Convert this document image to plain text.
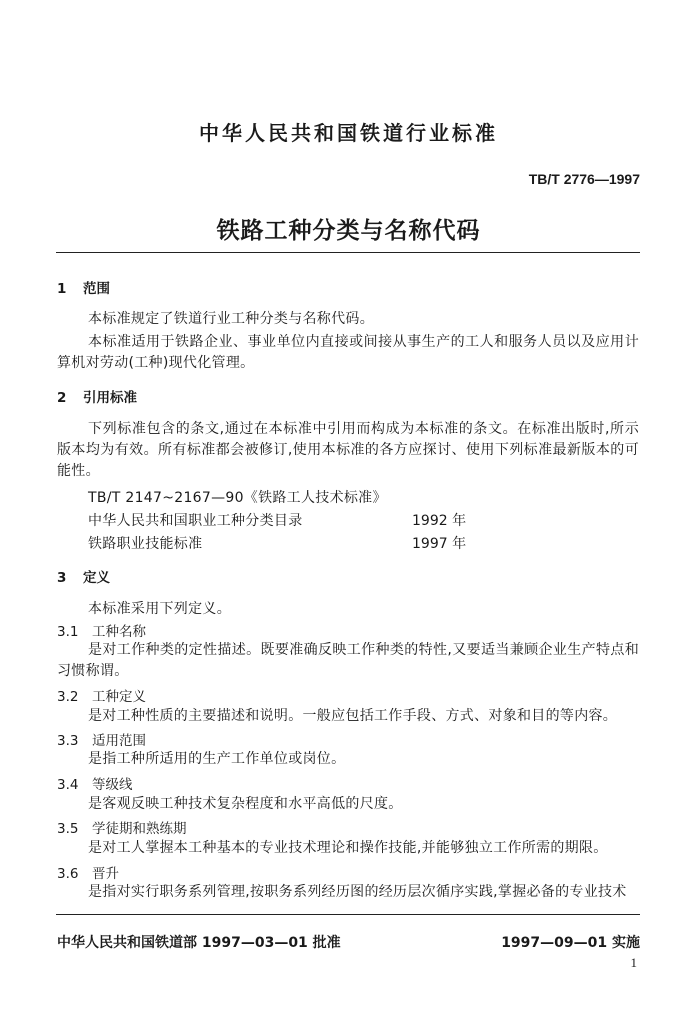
中华人民共和国铁道行业标准
TB/T 2776—1997
铁路工种分类与名称代码
1 范围
本标准规定了铁道行业工种分类与名称代码。
本标准适用于铁路企业、事业单位内直接或间接从事生产的工人和服务人员以及应用计算机对劳动(工种)现代化管理。
2 引用标准
下列标准包含的条文,通过在本标准中引用而构成为本标准的条文。在标准出版时,所示版本均为有效。所有标准都会被修订,使用本标准的各方应探讨、使用下列标准最新版本的可能性。
TB/T 2147~2167—90《铁路工人技术标准》
中华人民共和国职业工种分类目录	1992 年
铁路职业技能标准	1997 年
3 定义
本标准采用下列定义。
3.1 工种名称
是对工作种类的定性描述。既要准确反映工作种类的特性,又要适当兼顾企业生产特点和习惯称谓。
3.2 工种定义
是对工种性质的主要描述和说明。一般应包括工作手段、方式、对象和目的等内容。
3.3 适用范围
是指工种所适用的生产工作单位或岗位。
3.4 等级线
是客观反映工种技术复杂程度和水平高低的尺度。
3.5 学徒期和熟练期
是对工人掌握本工种基本的专业技术理论和操作技能,并能够独立工作所需的期限。
3.6 晋升
是指对实行职务系列管理,按职务系列经历图的经历层次循序实践,掌握必备的专业技术
中华人民共和国铁道部 1997—03—01 批准	1997—09—01 实施
1
